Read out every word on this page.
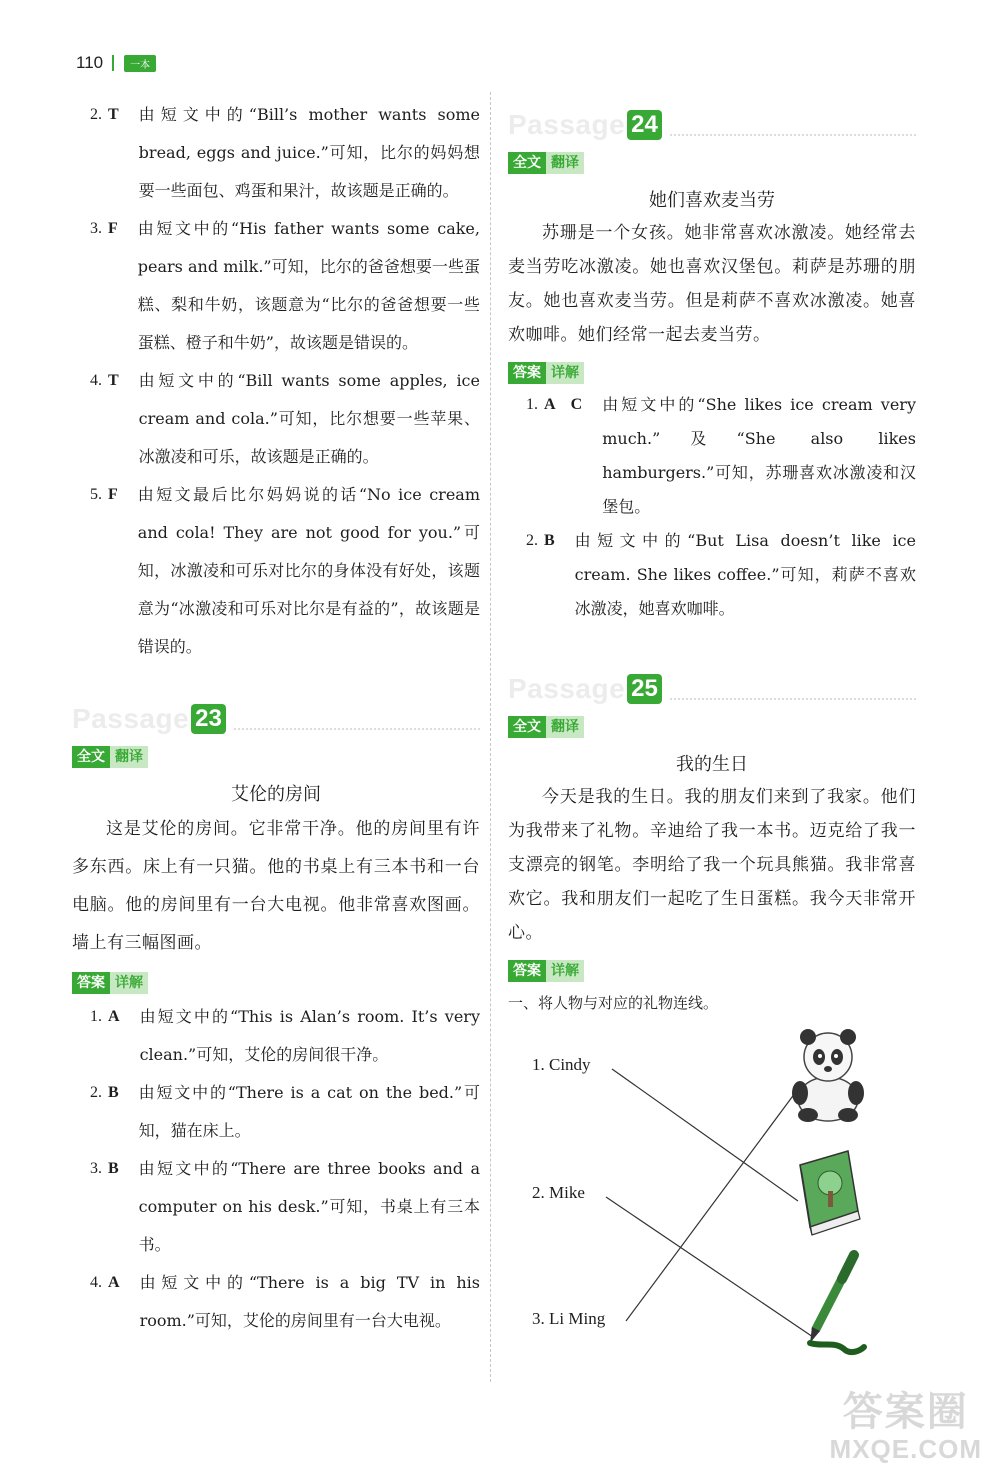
110	一本
2. T 由短文中的“Bill’s mother wants some bread, eggs and juice.”可知，比尔的妈妈想要一些面包、鸡蛋和果汁，故该题是正确的。
3. F 由短文中的“His father wants some cake, pears and milk.”可知，比尔的爸爸想要一些蛋糕、梨和牛奶，该题意为“比尔的爸爸想要一些蛋糕、橙子和牛奶”，故该题是错误的。
4. T 由短文中的“Bill wants some apples, ice cream and cola.”可知，比尔想要一些苹果、冰激凌和可乐，故该题是正确的。
5. F 由短文最后比尔妈妈说的话“No ice cream and cola! They are not good for you.”可知，冰激凌和可乐对比尔的身体没有好处，该题意为“冰激凌和可乐对比尔是有益的”，故该题是错误的。
Passage 23
全文 翻译
艾伦的房间

这是艾伦的房间。它非常干净。他的房间里有许多东西。床上有一只猫。他的书桌上有三本书和一台电脑。他的房间里有一台大电视。他非常喜欢图画。墙上有三幅图画。

答案 详解
1. A 由短文中的“This is Alan’s room. It’s very clean.”可知，艾伦的房间很干净。
2. B 由短文中的“There is a cat on the bed.”可知，猫在床上。
3. B 由短文中的“There are three books and a computer on his desk.”可知，书桌上有三本书。
4. A 由短文中的“There is a big TV in his room.”可知，艾伦的房间里有一台大电视。
Passage 24
全文 翻译
她们喜欢麦当劳

苏珊是一个女孩。她非常喜欢冰激凌。她经常去麦当劳吃冰激凌。她也喜欢汉堡包。莉萨是苏珊的朋友。她也喜欢麦当劳。但是莉萨不喜欢冰激凌。她喜欢咖啡。她们经常一起去麦当劳。

答案 详解
1. A　C 由短文中的“She likes ice cream very much.”及“She also likes hamburgers.”可知，苏珊喜欢冰激凌和汉堡包。
2. B 由短文中的“But Lisa doesn’t like ice cream. She likes coffee.”可知，莉萨不喜欢冰激凌，她喜欢咖啡。
Passage 25
全文 翻译
我的生日

今天是我的生日。我的朋友们来到了我家。他们为我带来了礼物。辛迪给了我一本书。迈克给了我一支漂亮的钢笔。李明给了我一个玩具熊猫。我非常喜欢它。我和朋友们一起吃了生日蛋糕。我今天非常开心。

答案 详解
一、将人物与对应的礼物连线。
1. Cindy
2. Mike
3. Li Ming
答案圈
MXQE.COM
